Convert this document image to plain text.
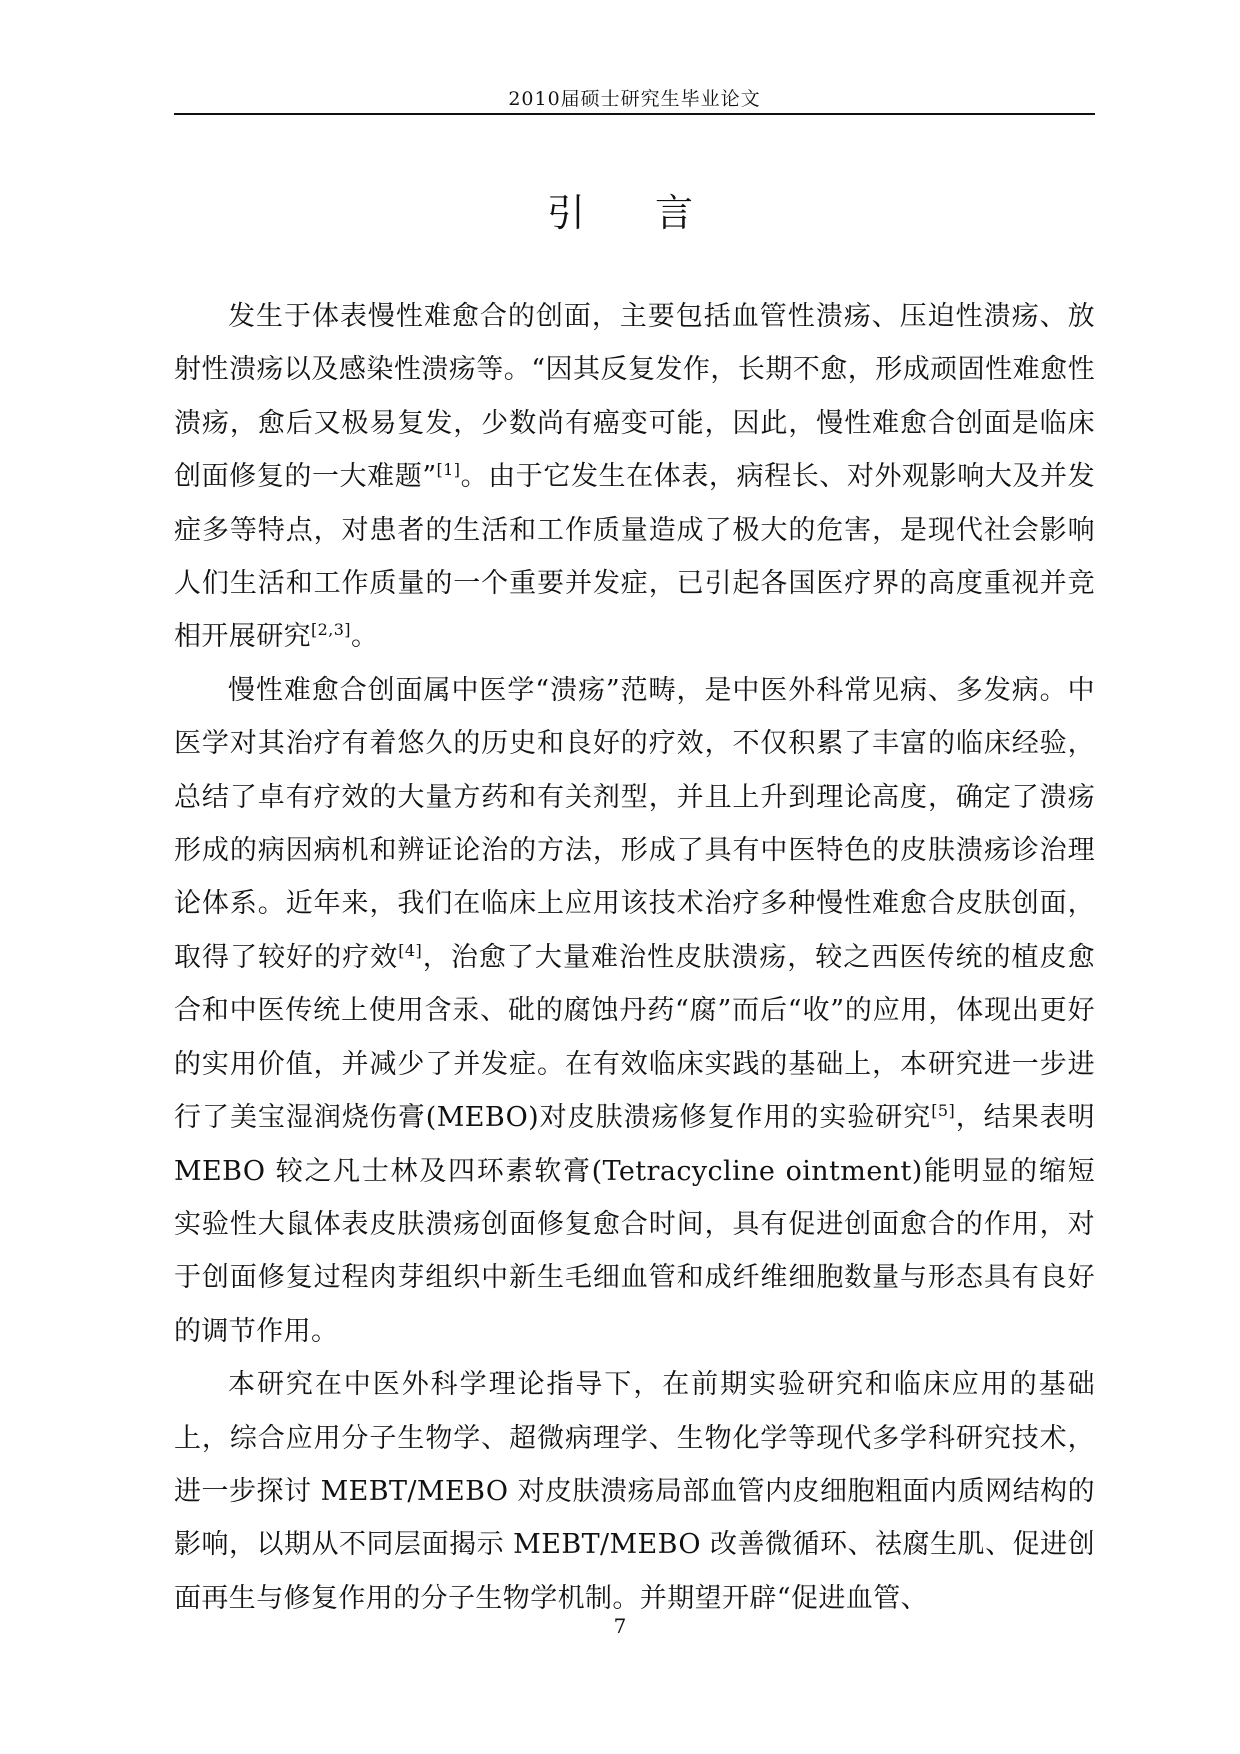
2010届硕士研究生毕业论文
引言

发生于体表慢性难愈合的创面，主要包括血管性溃疡、压迫性溃疡、放射性溃疡以及感染性溃疡等。“因其反复发作，长期不愈，形成顽固性难愈性溃疡，愈后又极易复发，少数尚有癌变可能，因此，慢性难愈合创面是临床创面修复的一大难题”[1]。由于它发生在体表，病程长、对外观影响大及并发症多等特点，对患者的生活和工作质量造成了极大的危害，是现代社会影响人们生活和工作质量的一个重要并发症，已引起各国医疗界的高度重视并竞相开展研究[2,3]。

慢性难愈合创面属中医学“溃疡”范畴，是中医外科常见病、多发病。中医学对其治疗有着悠久的历史和良好的疗效，不仅积累了丰富的临床经验，总结了卓有疗效的大量方药和有关剂型，并且上升到理论高度，确定了溃疡形成的病因病机和辨证论治的方法，形成了具有中医特色的皮肤溃疡诊治理论体系。近年来，我们在临床上应用该技术治疗多种慢性难愈合皮肤创面，取得了较好的疗效[4]，治愈了大量难治性皮肤溃疡，较之西医传统的植皮愈合和中医传统上使用含汞、砒的腐蚀丹药“腐”而后“收”的应用，体现出更好的实用价值，并减少了并发症。在有效临床实践的基础上，本研究进一步进行了美宝湿润烧伤膏(MEBO)对皮肤溃疡修复作用的实验研究[5]，结果表明 MEBO 较之凡士林及四环素软膏(Tetracycline ointment)能明显的缩短实验性大鼠体表皮肤溃疡创面修复愈合时间，具有促进创面愈合的作用，对于创面修复过程肉芽组织中新生毛细血管和成纤维细胞数量与形态具有良好的调节作用。

本研究在中医外科学理论指导下，在前期实验研究和临床应用的基础上，综合应用分子生物学、超微病理学、生物化学等现代多学科研究技术，进一步探讨 MEBT/MEBO 对皮肤溃疡局部血管内皮细胞粗面内质网结构的影响，以期从不同层面揭示 MEBT/MEBO 改善微循环、祛腐生肌、促进创面再生与修复作用的分子生物学机制。并期望开辟“促进血管、

7
